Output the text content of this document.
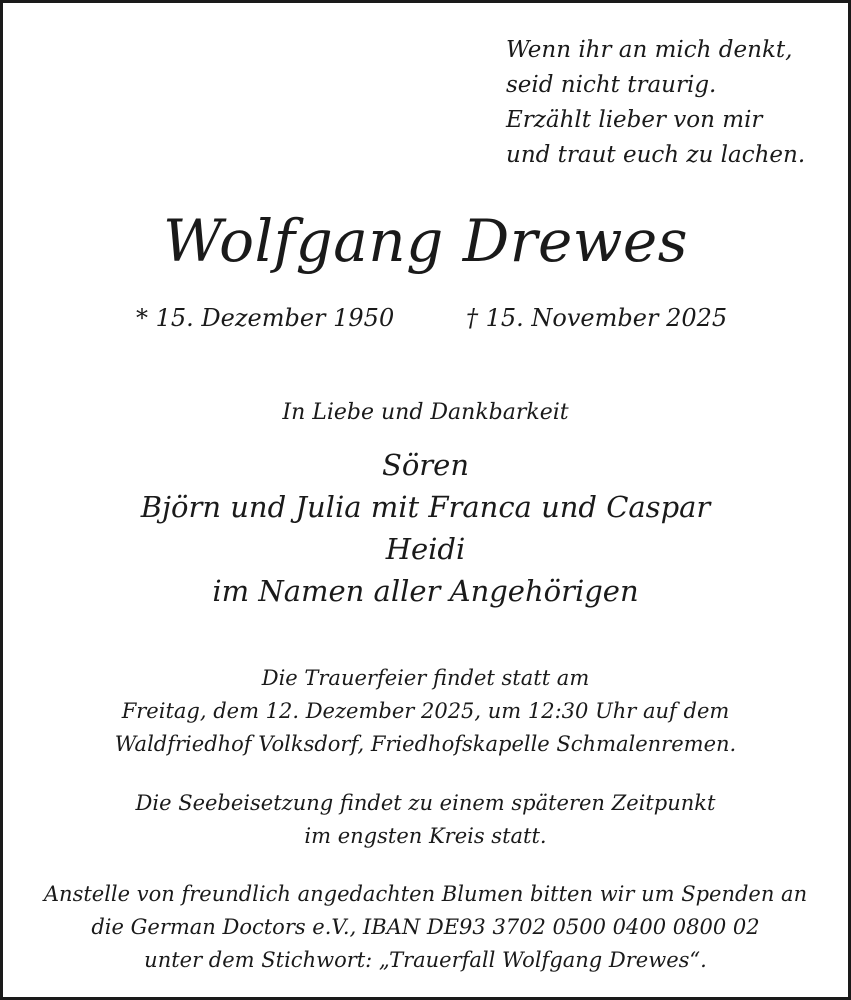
Wenn ihr an mich denkt,
seid nicht traurig.
Erzählt lieber von mir
und traut euch zu lachen.
Wolfgang Drewes
* 15. Dezember 1950	† 15. November 2025
In Liebe und Dankbarkeit
Sören
Björn und Julia mit Franca und Caspar
Heidi
im Namen aller Angehörigen
Die Trauerfeier findet statt am
Freitag, dem 12. Dezember 2025, um 12:30 Uhr auf dem
Waldfriedhof Volksdorf, Friedhofskapelle Schmalenremen.
Die Seebeisetzung findet zu einem späteren Zeitpunkt
im engsten Kreis statt.
Anstelle von freundlich angedachten Blumen bitten wir um Spenden an
die German Doctors e.V., IBAN DE93 3702 0500 0400 0800 02
unter dem Stichwort: „Trauerfall Wolfgang Drewes“.
